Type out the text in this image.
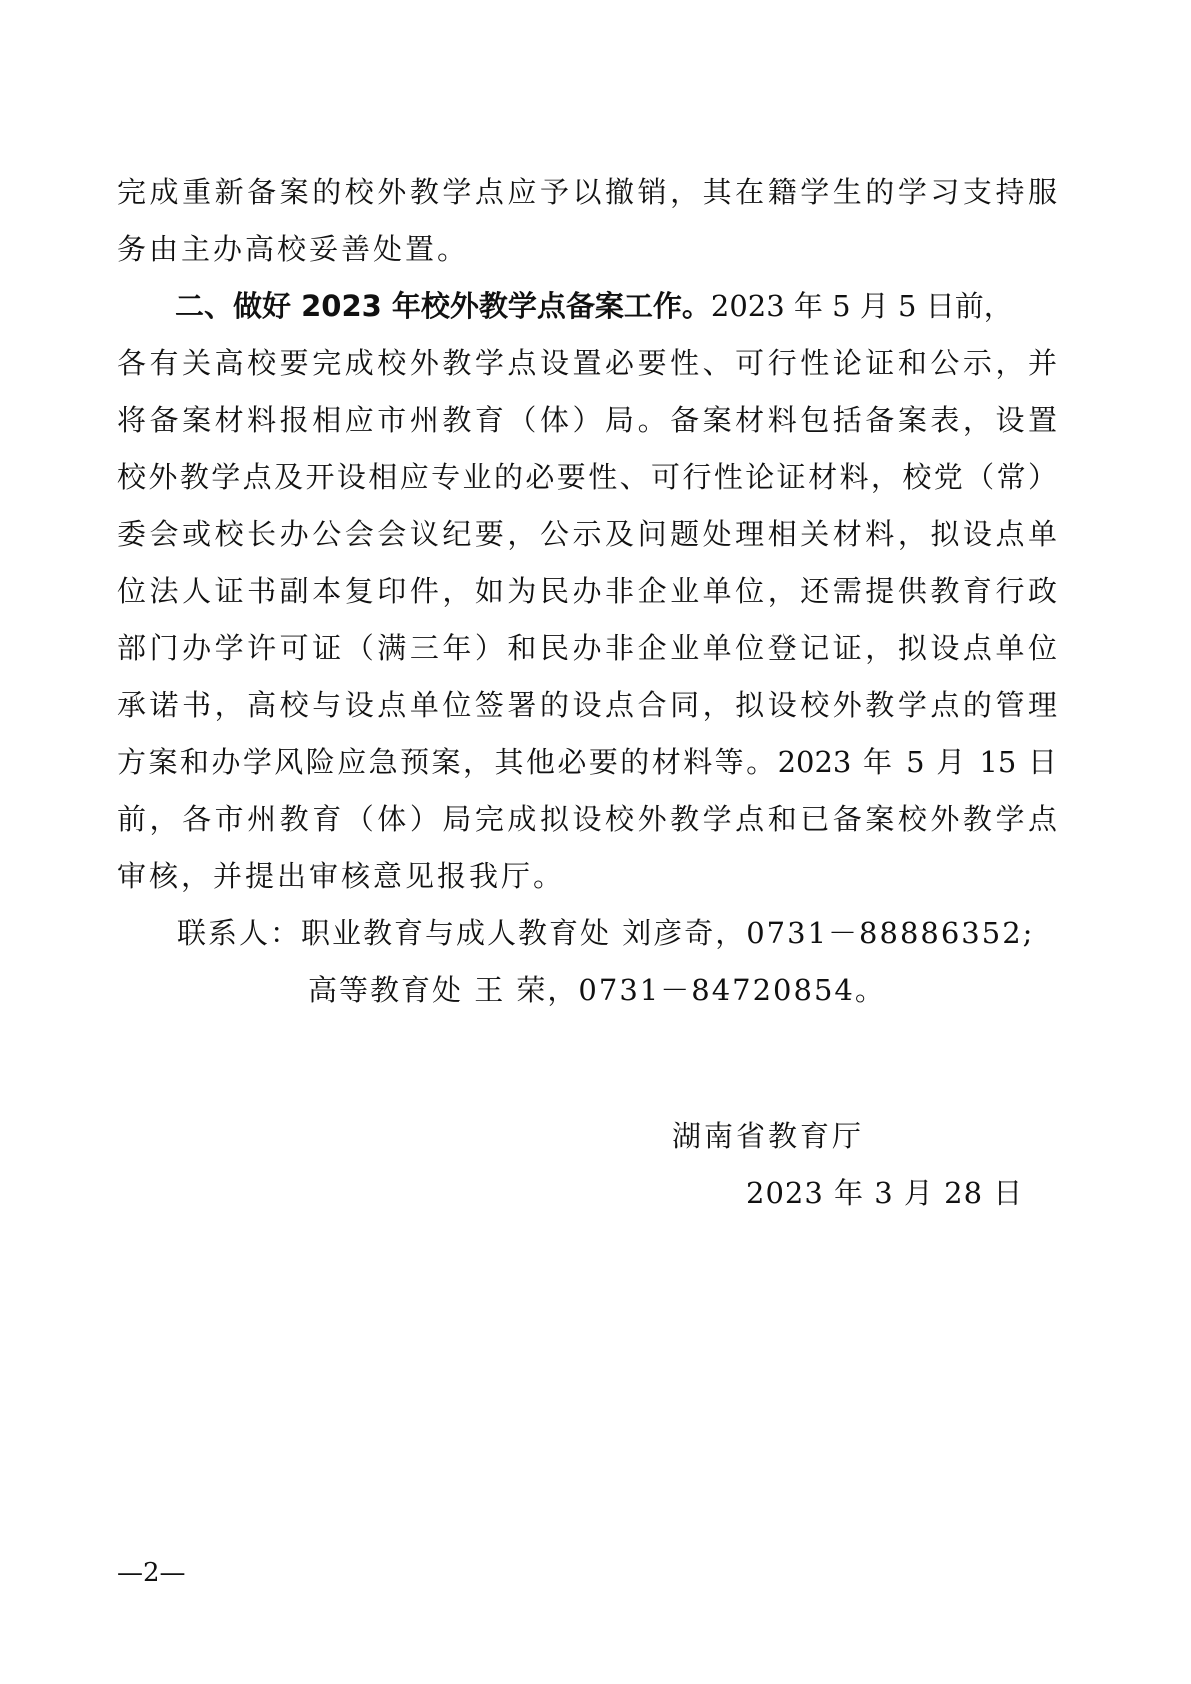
完成重新备案的校外教学点应予以撤销，其在籍学生的学习支持服
务由主办高校妥善处置。
二、做好 2023 年校外教学点备案工作。2023 年 5 月 5 日前，
各有关高校要完成校外教学点设置必要性、可行性论证和公示，并
将备案材料报相应市州教育（体）局。备案材料包括备案表，设置
校外教学点及开设相应专业的必要性、可行性论证材料，校党（常）
委会或校长办公会会议纪要，公示及问题处理相关材料，拟设点单
位法人证书副本复印件，如为民办非企业单位，还需提供教育行政
部门办学许可证（满三年）和民办非企业单位登记证，拟设点单位
承诺书，高校与设点单位签署的设点合同，拟设校外教学点的管理
方案和办学风险应急预案，其他必要的材料等。2023 年 5 月 15 日
前，各市州教育（体）局完成拟设校外教学点和已备案校外教学点
审核，并提出审核意见报我厅。
联系人：职业教育与成人教育处 刘彦奇，0731－88886352;
高等教育处 王 荣，0731－84720854。
湖南省教育厅
2023 年 3 月 28 日
—2—
